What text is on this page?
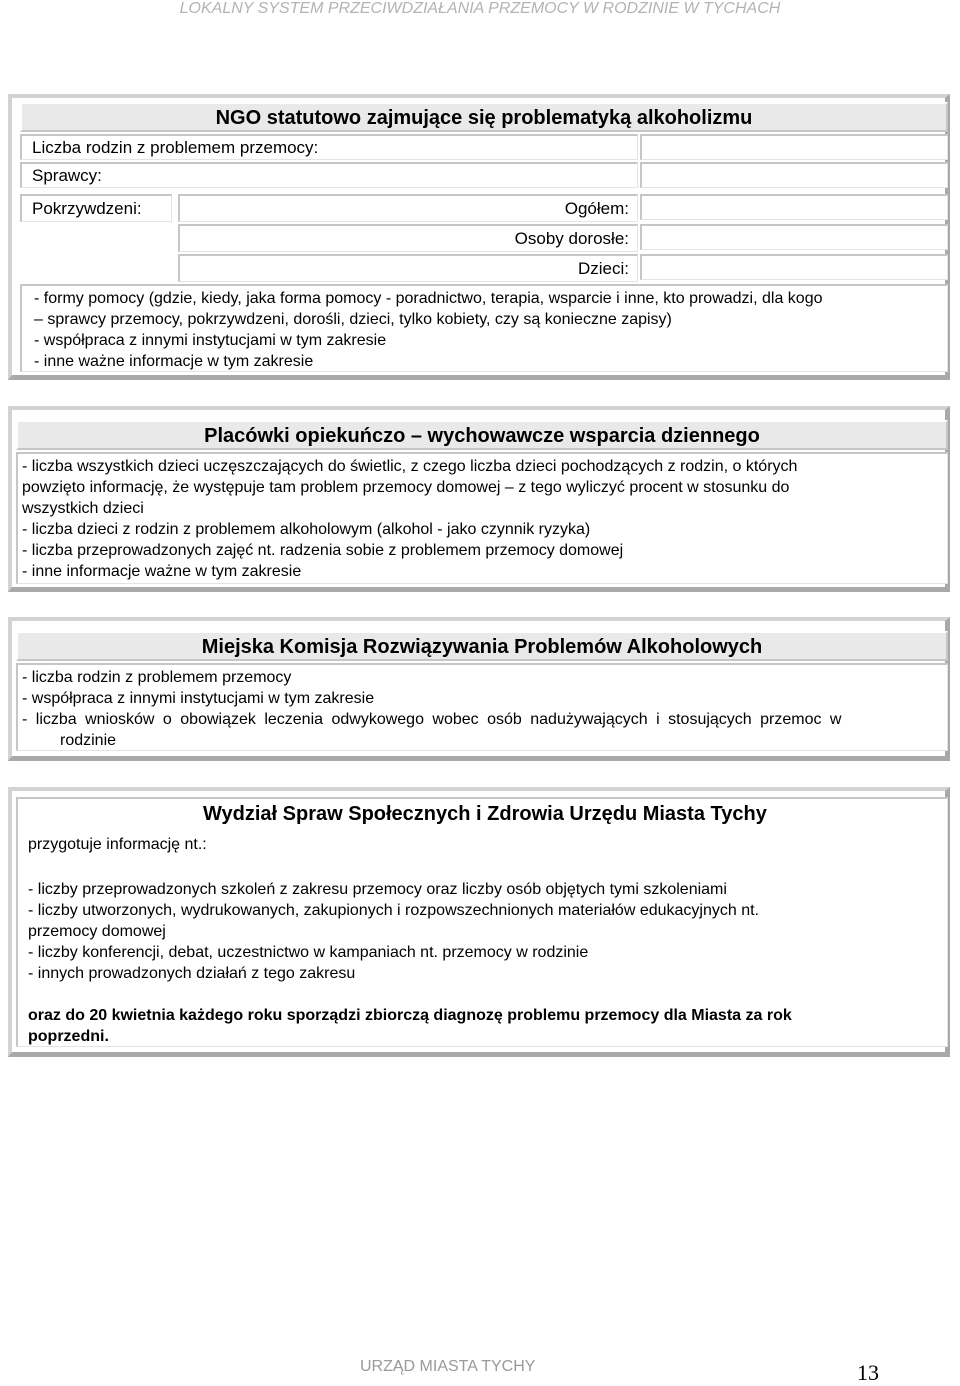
LOKALNY SYSTEM PRZECIWDZIAŁANIA PRZEMOCY W RODZINIE W TYCHACH
NGO statutowo zajmujące się problematyką alkoholizmu
Liczba rodzin z problemem przemocy:
Sprawcy:
Pokrzywdzeni:	Ogółem:
Osoby dorosłe:
Dzieci:
- formy pomocy (gdzie, kiedy, jaka forma pomocy - poradnictwo, terapia, wsparcie i inne, kto prowadzi, dla kogo
– sprawcy przemocy, pokrzywdzeni, dorośli, dzieci, tylko kobiety, czy są konieczne zapisy)
- współpraca z innymi instytucjami w tym zakresie
- inne ważne informacje w tym zakresie
Placówki opiekuńczo – wychowawcze wsparcia dziennego
- liczba wszystkich dzieci uczęszczających do świetlic, z czego liczba dzieci pochodzących z rodzin, o których
powzięto informację, że występuje tam problem przemocy domowej – z tego wyliczyć procent w stosunku do
wszystkich dzieci
- liczba dzieci z rodzin z problemem alkoholowym (alkohol - jako czynnik ryzyka)
- liczba przeprowadzonych zajęć nt. radzenia sobie z problemem przemocy domowej
- inne informacje ważne w tym zakresie
Miejska Komisja Rozwiązywania Problemów Alkoholowych
- liczba rodzin z problemem przemocy
- współpraca z innymi instytucjami w tym zakresie
- liczba wniosków o obowiązek leczenia odwykowego wobec osób nadużywających i stosujących przemoc w
rodzinie
Wydział Spraw Społecznych i Zdrowia Urzędu Miasta Tychy
przygotuje informację nt.:
- liczby przeprowadzonych szkoleń z zakresu przemocy oraz liczby osób objętych tymi szkoleniami
- liczby utworzonych, wydrukowanych, zakupionych i rozpowszechnionych materiałów edukacyjnych nt.
przemocy domowej
- liczby konferencji, debat, uczestnictwo w kampaniach nt. przemocy w rodzinie
- innych prowadzonych działań z tego zakresu
oraz do 20 kwietnia każdego roku sporządzi zbiorczą diagnozę problemu przemocy dla Miasta za rok
poprzedni.
URZĄD MIASTA TYCHY	13
